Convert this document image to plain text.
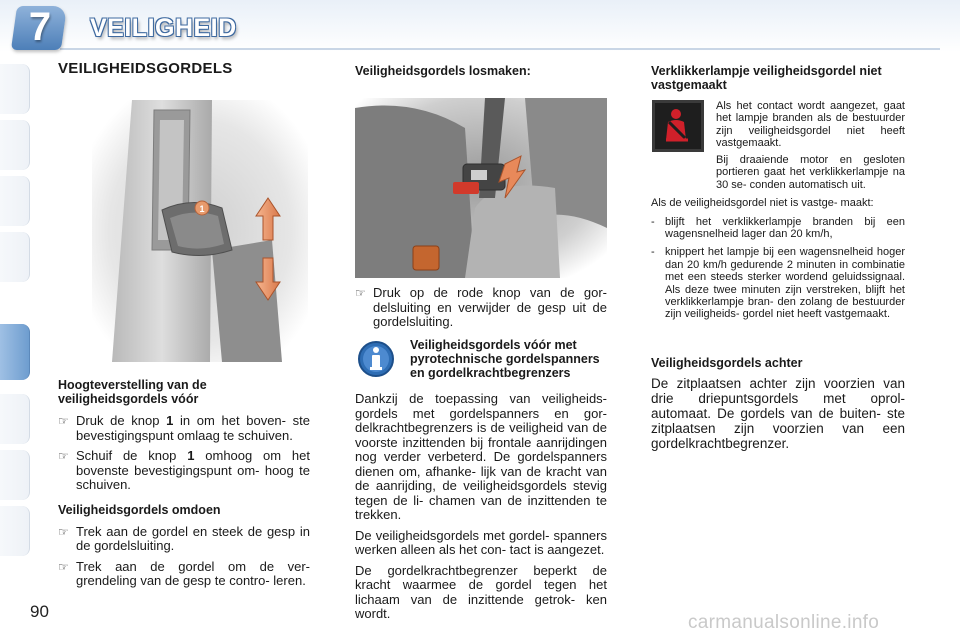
7	VEILIGHEID
VEILIGHEIDSGORDELS
1
Hoogteverstelling van de veiligheidsgordels vóór
☞ Druk de knop 1 in om het boven- ste bevestigingspunt omlaag te schuiven.
☞ Schuif de knop 1 omhoog om het bovenste bevestigingspunt om- hoog te schuiven.
Veiligheidsgordels omdoen
☞ Trek aan de gordel en steek de gesp in de gordelsluiting.
☞ Trek aan de gordel om de ver- grendeling van de gesp te contro- leren.
Veiligheidsgordels losmaken:
☞ Druk op de rode knop van de gor- delsluiting en verwijder de gesp uit de gordelsluiting.
Veiligheidsgordels vóór met pyrotechnische gordelspanners en gordelkrachtbegrenzers

Dankzij de toepassing van veiligheids- gordels met gordelspanners en gor- delkrachtbegrenzers is de veiligheid van de voorste inzittenden bij frontale aanrijdingen nog verder verbeterd. De gordelspanners dienen om, afhanke- lijk van de kracht van de aanrijding, de veiligheidsgordels stevig tegen de li- chamen van de inzittenden te trekken.

De veiligheidsgordels met gordel- spanners werken alleen als het con- tact is aangezet.

De gordelkrachtbegrenzer beperkt de kracht waarmee de gordel tegen het lichaam van de inzittende getrok- ken wordt.

Verklikkerlampje veiligheidsgordel niet vastgemaakt

Als het contact wordt aangezet, gaat het lampje branden als de bestuurder zijn veiligheidsgordel niet heeft vastgemaakt.

Bij draaiende motor en gesloten portieren gaat het verklikkerlampje na 30 se- conden automatisch uit.

Als de veiligheidsgordel niet is vastge- maakt:

- blijft het verklikkerlampje branden bij een wagensnelheid lager dan 20 km/h,
- knippert het lampje bij een wagensnelheid hoger dan 20 km/h gedurende 2 minuten in combinatie met een steeds sterker wordend geluidssignaal. Als deze twee minuten zijn verstreken, blijft het verklikkerlampje bran- den zolang de bestuurder zijn veiligheids- gordel niet heeft vastgemaakt.
Veiligheidsgordels achter

De zitplaatsen achter zijn voorzien van drie driepuntsgordels met oprol- automaat. De gordels van de buiten- ste zitplaatsen zijn voorzien van een gordelkrachtbegrenzer.

90
carmanualsonline.info
